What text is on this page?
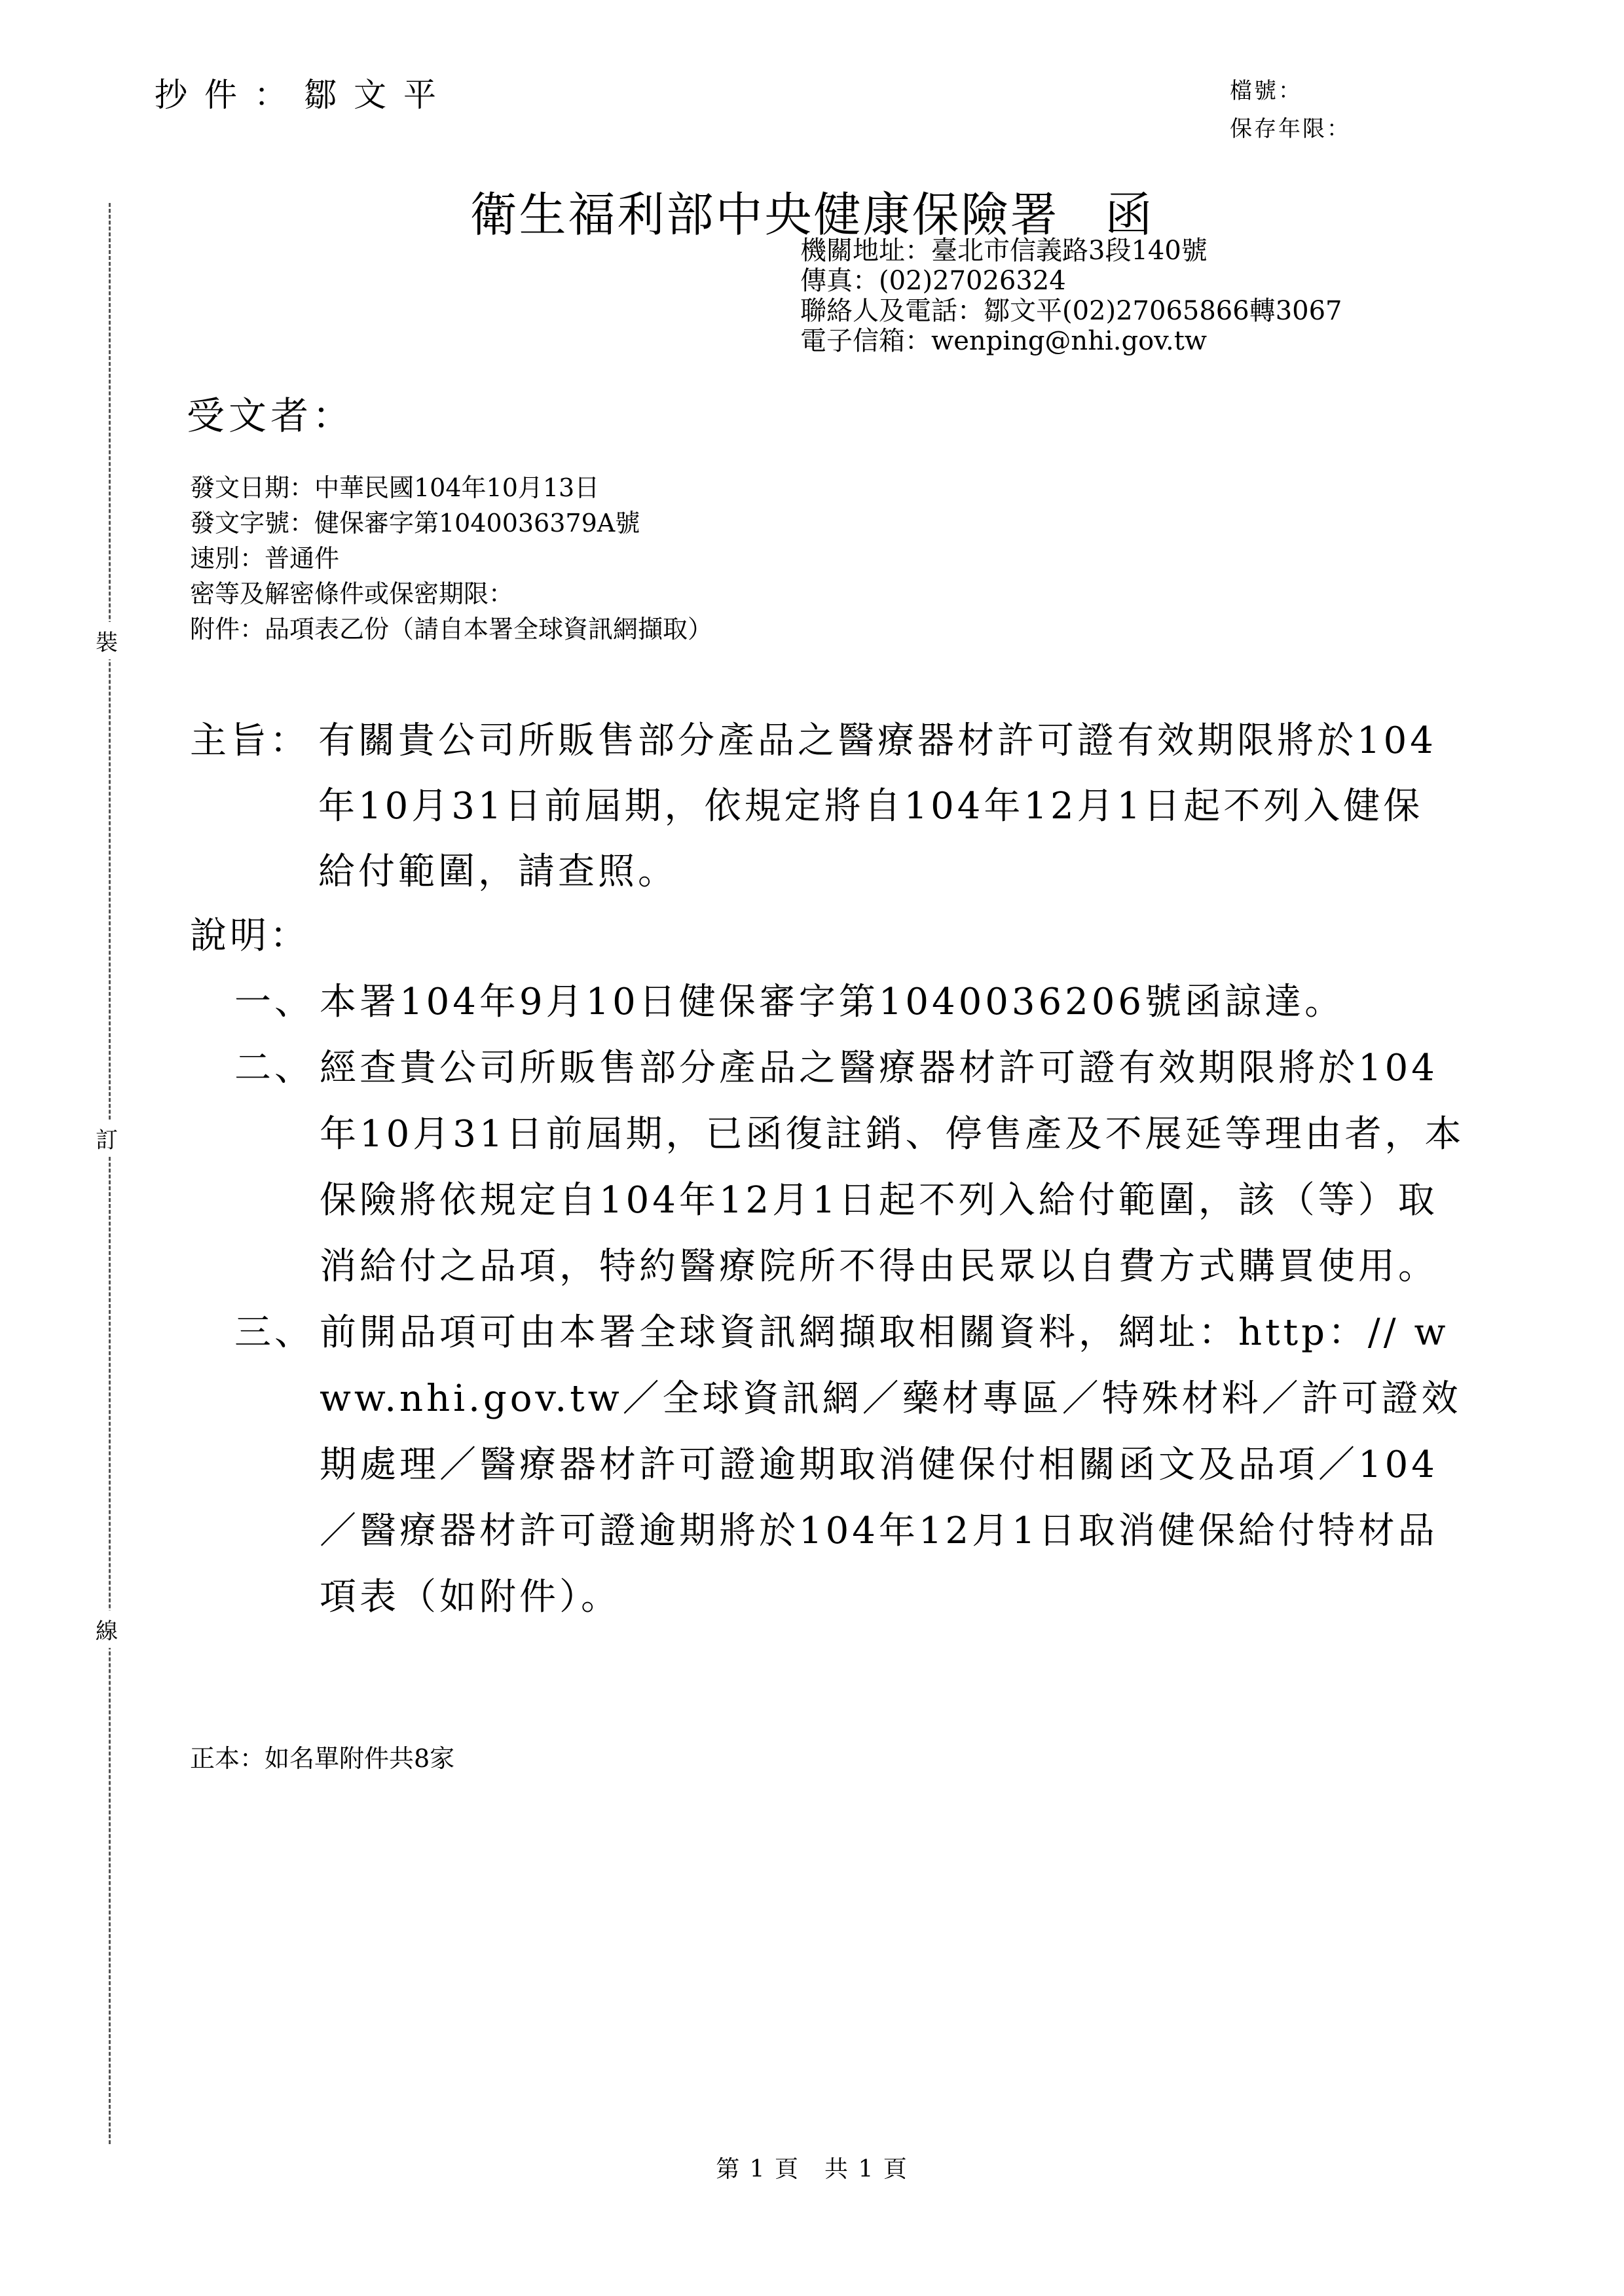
抄件：鄒文平	檔號：
保存年限：
衛生福利部中央健康保險署 函
機關地址：臺北市信義路3段140號
傳真：(02)27026324
聯絡人及電話：鄒文平(02)27065866轉3067
電子信箱：wenping@nhi.gov.tw
受文者：
發文日期：中華民國104年10月13日
發文字號：健保審字第1040036379A號
速別：普通件
密等及解密條件或保密期限：
附件：品項表乙份（請自本署全球資訊網擷取）
裝
訂
線
主旨： 有關貴公司所販售部分產品之醫療器材許可證有效期限將於104年10月31日前屆期，依規定將自104年12月1日起不列入健保給付範圍，請查照。
說明：
一、 本署104年9月10日健保審字第1040036206號函諒達。
二、 經查貴公司所販售部分產品之醫療器材許可證有效期限將於104年10月31日前屆期，已函復註銷、停售產及不展延等理由者，本保險將依規定自104年12月1日起不列入給付範圍，該（等）取消給付之品項，特約醫療院所不得由民眾以自費方式購買使用。
三、 前開品項可由本署全球資訊網擷取相關資料，網址：http：// www.nhi.gov.tw／全球資訊網／藥材專區／特殊材料／許可證效期處理／醫療器材許可證逾期取消健保付相關函文及品項／104／醫療器材許可證逾期將於104年12月1日取消健保給付特材品項表（如附件）。
正本：如名單附件共8家
第 1 頁　共 1 頁
